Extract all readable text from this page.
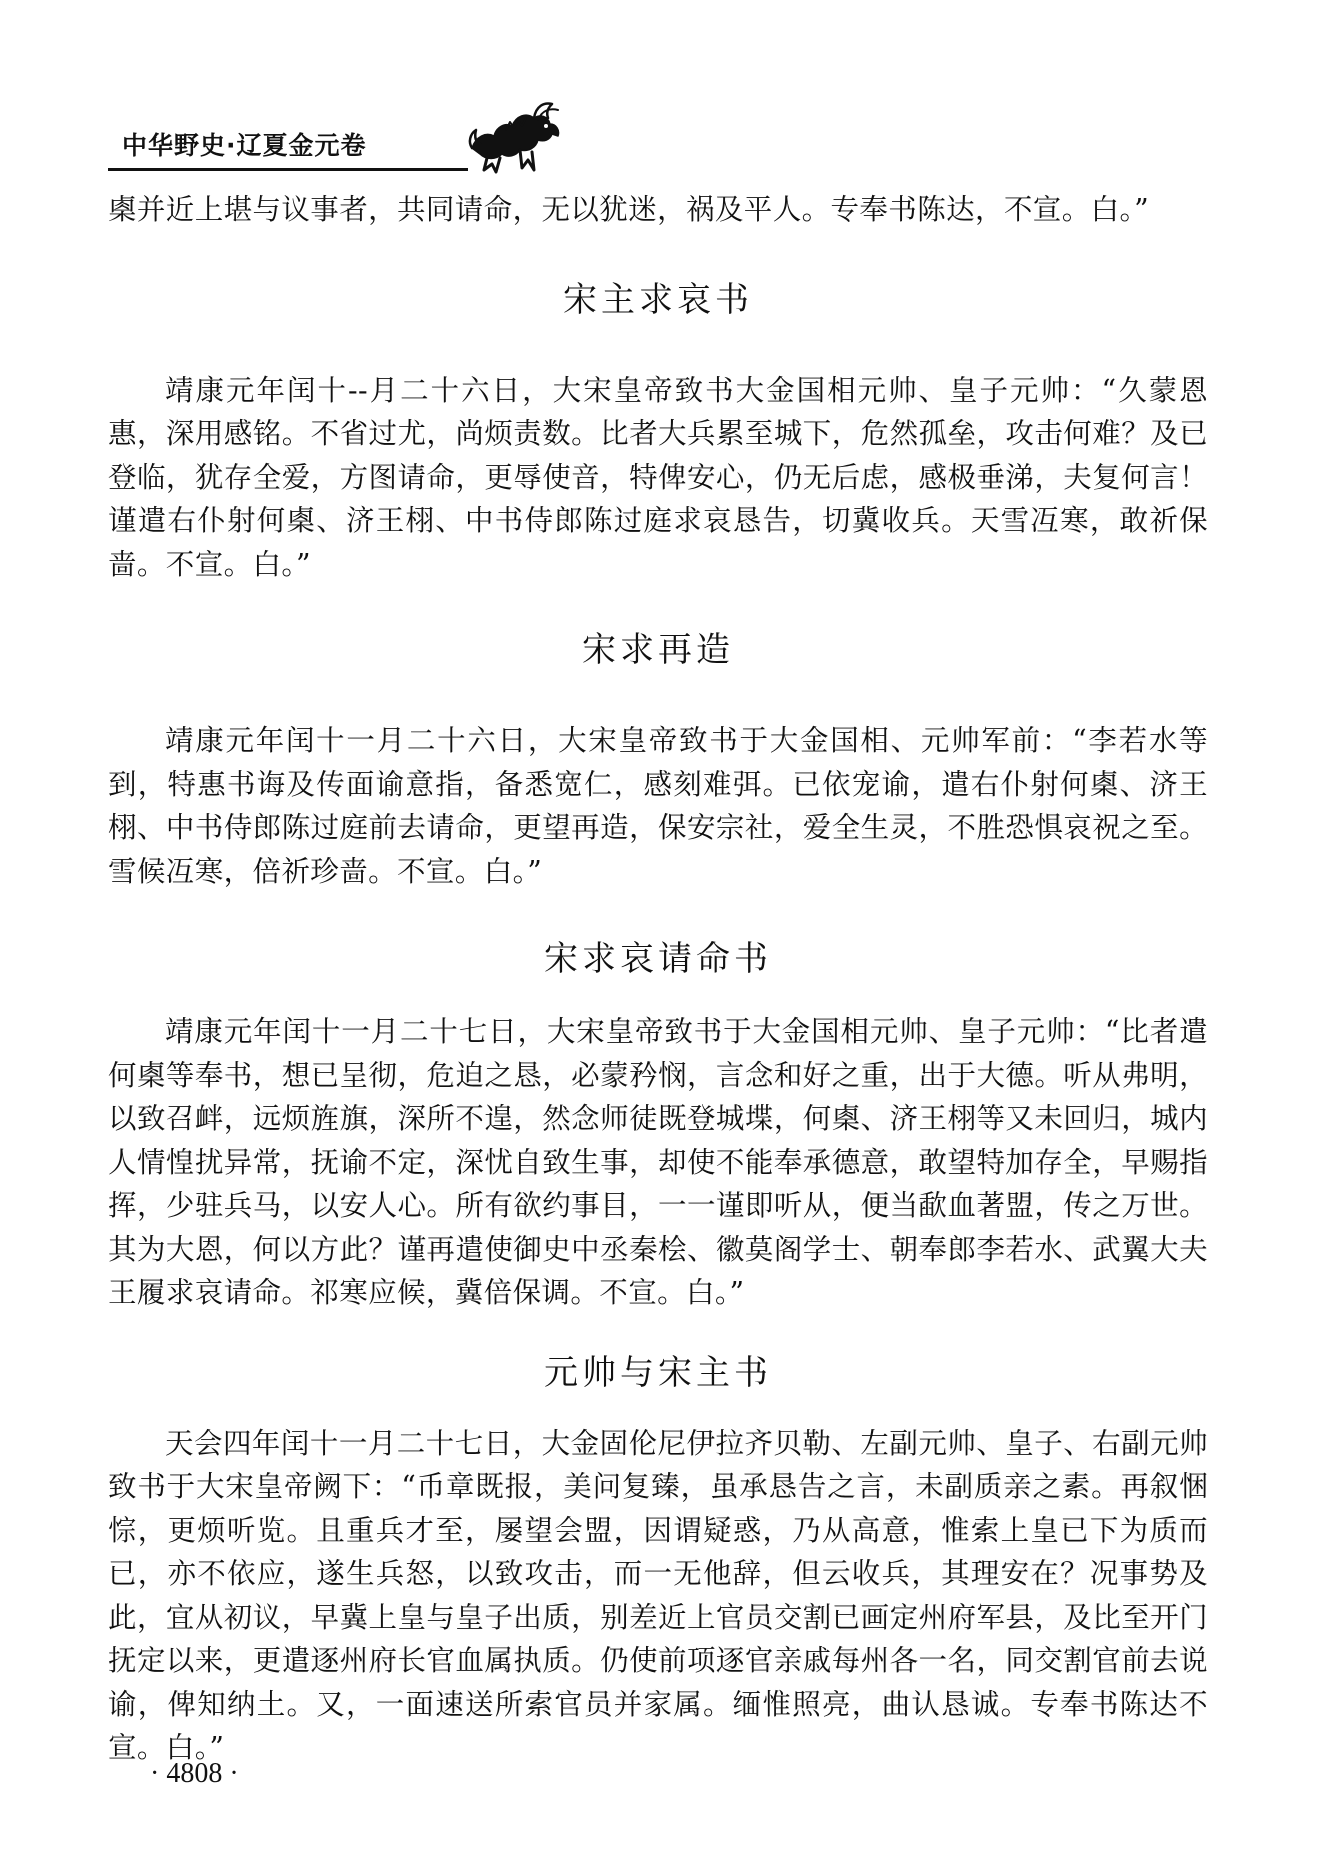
中华野史·辽夏金元卷

㮚并近上堪与议事者，共同请命，无以犹迷，祸及平人。专奉书陈达，不宣。白。”

宋主求哀书

靖康元年闰十--月二十六日，大宋皇帝致书大金国相元帅、皇子元帅：“久蒙恩惠，深用感铭。不省过尤，尚烦责数。比者大兵累至城下，危然孤垒，攻击何难？及已登临，犹存全爱，方图请命，更辱使音，特俾安心，仍无后虑，感极垂涕，夫复何言！谨遣右仆射何㮚、济王栩、中书侍郎陈过庭求哀恳告，切冀收兵。天雪冱寒，敢祈保啬。不宣。白。”

宋求再造

靖康元年闰十一月二十六日，大宋皇帝致书于大金国相、元帅军前：“李若水等到，特惠书诲及传面谕意指，备悉宽仁，感刻难弭。已依宠谕，遣右仆射何㮚、济王栩、中书侍郎陈过庭前去请命，更望再造，保安宗社，爱全生灵，不胜恐惧哀祝之至。雪候冱寒，倍祈珍啬。不宣。白。”

宋求哀请命书

靖康元年闰十一月二十七日，大宋皇帝致书于大金国相元帅、皇子元帅：“比者遣何㮚等奉书，想已呈彻，危迫之恳，必蒙矜悯，言念和好之重，出于大德。听从弗明，以致召衅，远烦旌旗，深所不遑，然念师徒既登城堞，何㮚、济王栩等又未回归，城内人情惶扰异常，抚谕不定，深忧自致生事，却使不能奉承德意，敢望特加存全，早赐指挥，少驻兵马，以安人心。所有欲约事目，一一谨即听从，便当歃血著盟，传之万世。其为大恩，何以方此？谨再遣使御史中丞秦桧、徽莫阁学士、朝奉郎李若水、武翼大夫王履求哀请命。祁寒应候，冀倍保调。不宣。白。”

元帅与宋主书

天会四年闰十一月二十七日，大金固伦尼伊拉齐贝勒、左副元帅、皇子、右副元帅致书于大宋皇帝阙下：“币章既报，美问复臻，虽承恳告之言，未副质亲之素。再叙悃悰，更烦听览。且重兵才至，屡望会盟，因谓疑惑，乃从高意，惟索上皇已下为质而已，亦不依应，遂生兵怒，以致攻击，而一无他辞，但云收兵，其理安在？况事势及此，宜从初议，早冀上皇与皇子出质，别差近上官员交割已画定州府军县，及比至开门抚定以来，更遣逐州府长官血属执质。仍使前项逐官亲戚每州各一名，同交割官前去说谕，俾知纳土。又，一面速送所索官员并家属。缅惟照亮，曲认恳诚。专奉书陈达不宣。白。”

· 4808 ·
